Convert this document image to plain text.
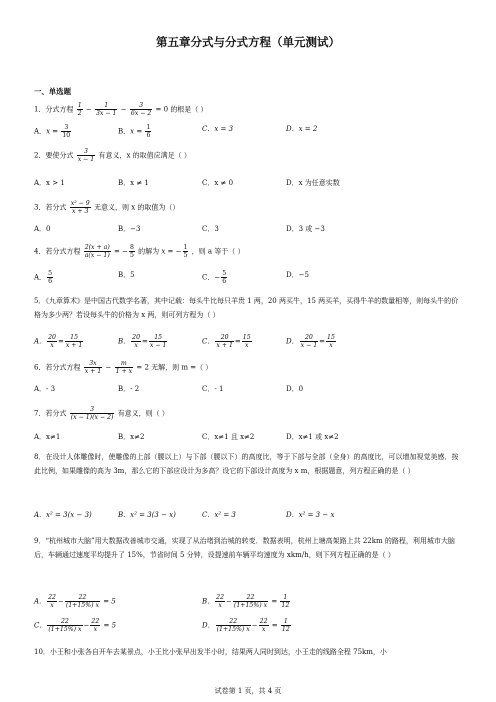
第五章分式与分式方程（单元测试）
一、单选题
1．分式方程 $\frac{1}{2} - \frac{1}{3x - 1} - \frac{3}{6x - 2} = 0$ 的根是（ ）
A．$x = \frac{3}{10}$	B．$x = \frac{1}{6}$	C．x = 3	D．x = 2
2．要使分式 $\frac{3}{x - 1}$ 有意义，x 的取值应满足（ ）
A．x > 1	B．x ≠ 1	C．x ≠ 0	D．x 为任意实数
3．若分式 $\frac{\text{x² − 9}}{x + 3}$ 无意义，则 x 的取值为（）
A．0	B．−3	C．3	D．3 或 −3
4．若分式方程 $\frac{2(x + a)}{a(x - 1)}$ = − $\frac{8}{5}$ 的解为 x = − $\frac{1}{5}$ ，则 a 等于（ ）
A． $\frac{5}{6}$	B．5	C．− $\frac{5}{6}$	D．−5
5．《九章算术》是中国古代数学名著，其中记载：每头牛比每只羊贵 1 两，20 两买牛，15 两买羊，买得牛羊的数量相等，则每头牛的价格为多少两？若设每头牛的价格为 x 两，则可列方程为（ ）
A． $\frac{20}{x} = \frac{15}{x + 1}$	B． $\frac{20}{x} = \frac{15}{x - 1}$	C． $\frac{20}{x + 1} = \frac{15}{x}$	D． $\frac{20}{x - 1} = \frac{15}{x}$
6．若分式方程 $\frac{3x}{x + 1} - \frac{m}{1 + x} = 2$ 无解，则 m =（ ）
A．- 3	B．- 2	C．- 1	D．0
7．若分式 $\frac{3}{(x - 1)(x - 2)}$ 有意义，则（ ）
A．x≠1	B．x≠2	C．x≠1 且 x≠2	D．x≠1 或 x≠2
8．在设计人体雕像时，使雕像的上部（腰以上）与下部（腰以下）的高度比，等于下部与全部（全身）的高度比，可以增加视觉美感．按此比例，如果雕像的高为 3m，那么它的下部应设计为多高？设它的下部设计高度为 x m，根据题意，列方程正确的是（ ）
A．x² = 3(x − 3)	B．x² = 3(3 − x)	C．x² = 3	D．x² = 3 − x
9．“杭州城市大脑”用大数据改善城市交通，实现了从治堵到治城的转变．数据表明，杭州上塘高架路上共 22km 的路程，利用城市大脑后，车辆通过速度平均提升了 15%，节省时间 5 分钟，设提速前车辆平均速度为 xkm/h，则下列方程正确的是（ ）
A． $\frac{22}{x} - \frac{22}{(1+15\%) x} = 5$	B． $\frac{22}{x} - \frac{22}{(1+15\%) x} = \frac{1}{12}$
C． $\frac{22}{(1+15\%) x} - \frac{22}{x} = 5$	D． $\frac{22}{(1+15\%) x} - \frac{22}{x} = \frac{1}{12}$
10．小王和小张各自开车去某景点，小王比小张早出发半小时，结果两人同时到达，小王走的线路全程 75km，小
试卷第 1 页，共 4 页
